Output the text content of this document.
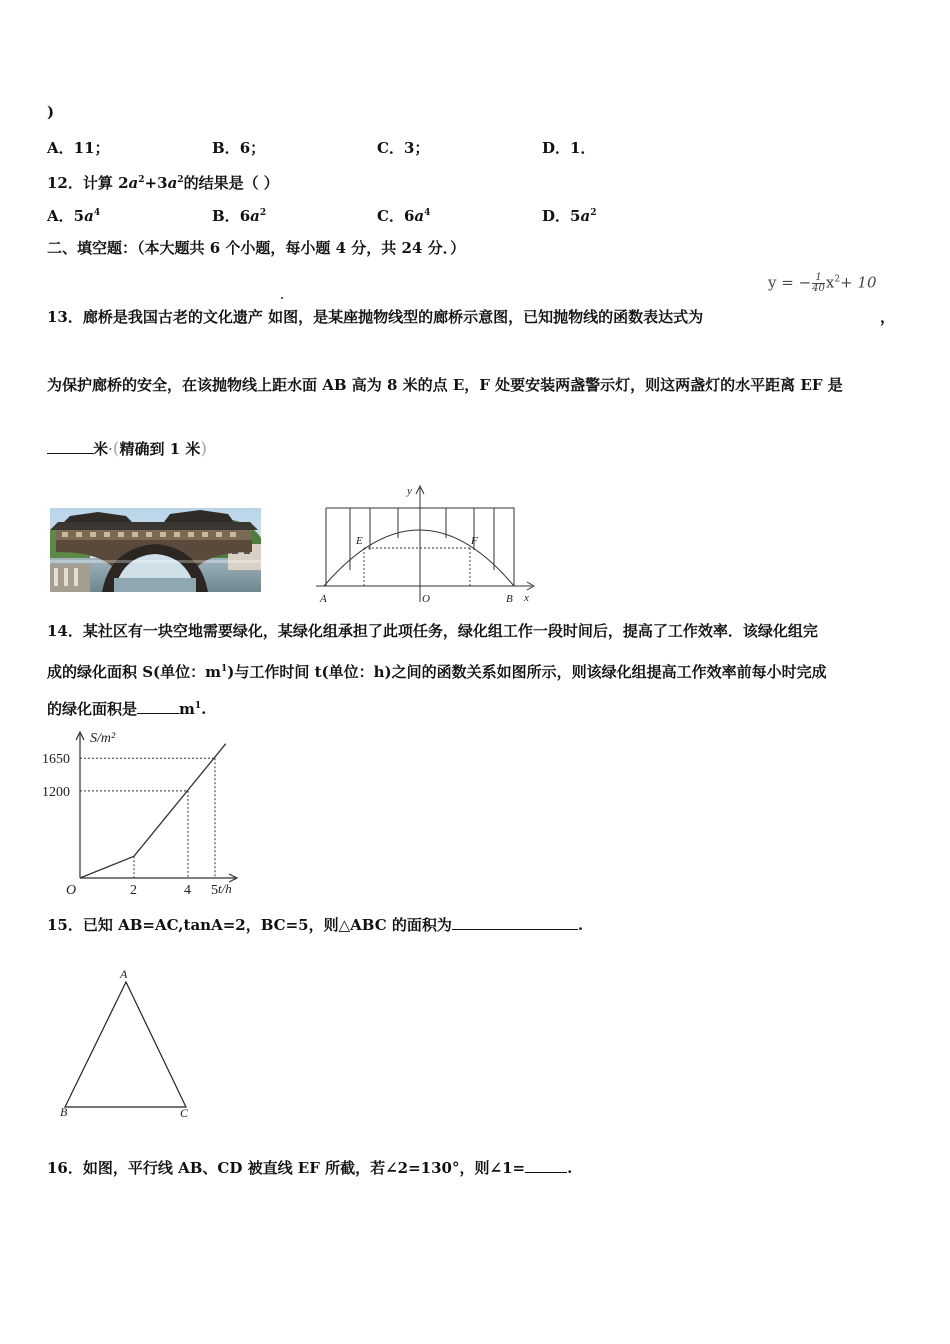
)
A．11；	B．6；	C．3；	D．1．
12．计算 $2a^2+3a^2$的结果是（ ）
A．$5a^4$	B．$6a^2$	C．$6a^4$	D．$5a^2$
二、填空题：（本大题共 6 个小题，每小题 4 分，共 24 分．）
$y = -\frac{1}{40}x^2+ 10$
13．廊桥是我国古老的文化遗产 如图，是某座抛物线型的廊桥示意图，已知抛物线的函数表达式为	，
为保护廊桥的安全，在该抛物线上距水面 AB 高为 8 米的点 E，F 处要安装两盏警示灯，则这两盏灯的水平距离 EF 是
米·(精确到 1 米)
y
x
E	F
A	O	B
14．某社区有一块空地需要绿化，某绿化组承担了此项任务，绿化组工作一段时间后，提高了工作效率．该绿化组完
成的绿化面积 S(单位：$m^1$)与工作时间 t(单位：h)之间的函数关系如图所示，则该绿化组提高工作效率前每小时完成
的绿化面积是	$m^1$.
2	4 5
1200
1650
S/m²
t/h
O
15．已知 AB=AC,tanA=2，BC=5，则△ABC 的面积为	.
A
B	C
16．如图，平行线 AB、CD 被直线 EF 所截，若∠2=130°，则∠1=	.
